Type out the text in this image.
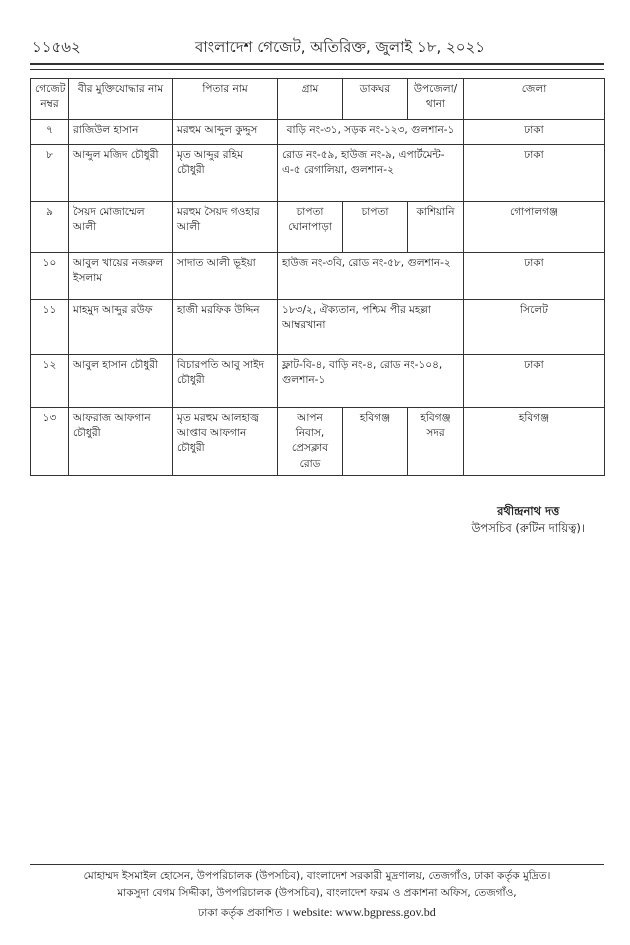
১১৫৬২	বাংলাদেশ গেজেট, অতিরিক্ত, জুলাই ১৮, ২০২১
গেজেট নম্বর	বীর মুক্তিযোদ্ধার নাম	পিতার নাম	গ্রাম	ডাকঘর	উপজেলা/ থানা	জেলা
৭	রাজিউল হাসান	মরহুম আব্দুল কুদ্দুস	বাড়ি নং-৩১, সড়ক নং-১২৩, গুলশান-১			ঢাকা
৮	আব্দুল মজিদ চৌধুরী	মৃত আব্দুর রহিম চৌধুরী	রোড নং-৫৯, হাউজ নং-৯, এপার্টমেন্ট-এ-৫ রেগালিয়া, গুলশান-২			ঢাকা
৯	সৈয়দ মোজাম্মেল আলী	মরহুম সৈয়দ গওহার আলী	চাপতা ঘোনাপাড়া	চাপতা	কাশিয়ানি	গোপালগঞ্জ
১০	আবুল খায়ের নজরুল ইসলাম	সাদাত আলী ভূইয়া	হাউজ নং-৩বি, রোড নং-৫৮, গুলশান-২			ঢাকা
১১	মাহমুদ আব্দুর রউফ	হাজী মরফিক উদ্দিন	১৮৩/২, ঐক্যতান, পশ্চিম পীর মহল্লা আম্বরখানা			সিলেট
১২	আবুল হাসান চৌধুরী	বিচারপতি আবু সাইদ চৌধুরী	ফ্লাট-বি-৪, বাড়ি নং-৪, রোড নং-১০৪, গুলশান-১			ঢাকা
১৩	আফরাজ আফগান চৌধুরী	মৃত মরহুম আলহাজ্ব আপ্তাব আফগান চৌধুরী	আপন নিবাস, প্রেসক্লাব রোড	হবিগঞ্জ	হবিগঞ্জ সদর	হবিগঞ্জ
রথীন্দ্রনাথ দত্ত
উপসচিব (রুটিন দায়িত্ব)।
মোহাম্মদ ইসমাইল হোসেন, উপপরিচালক (উপসচিব), বাংলাদেশ সরকারী মুদ্রণালয়, তেজগাঁও, ঢাকা কর্তৃক মুদ্রিত।
মাকসুদা বেগম সিদ্দীকা, উপপরিচালক (উপসচিব), বাংলাদেশ ফরম ও প্রকাশনা অফিস, তেজগাঁও,
ঢাকা কর্তৃক প্রকাশিত । website: www.bgpress.gov.bd
